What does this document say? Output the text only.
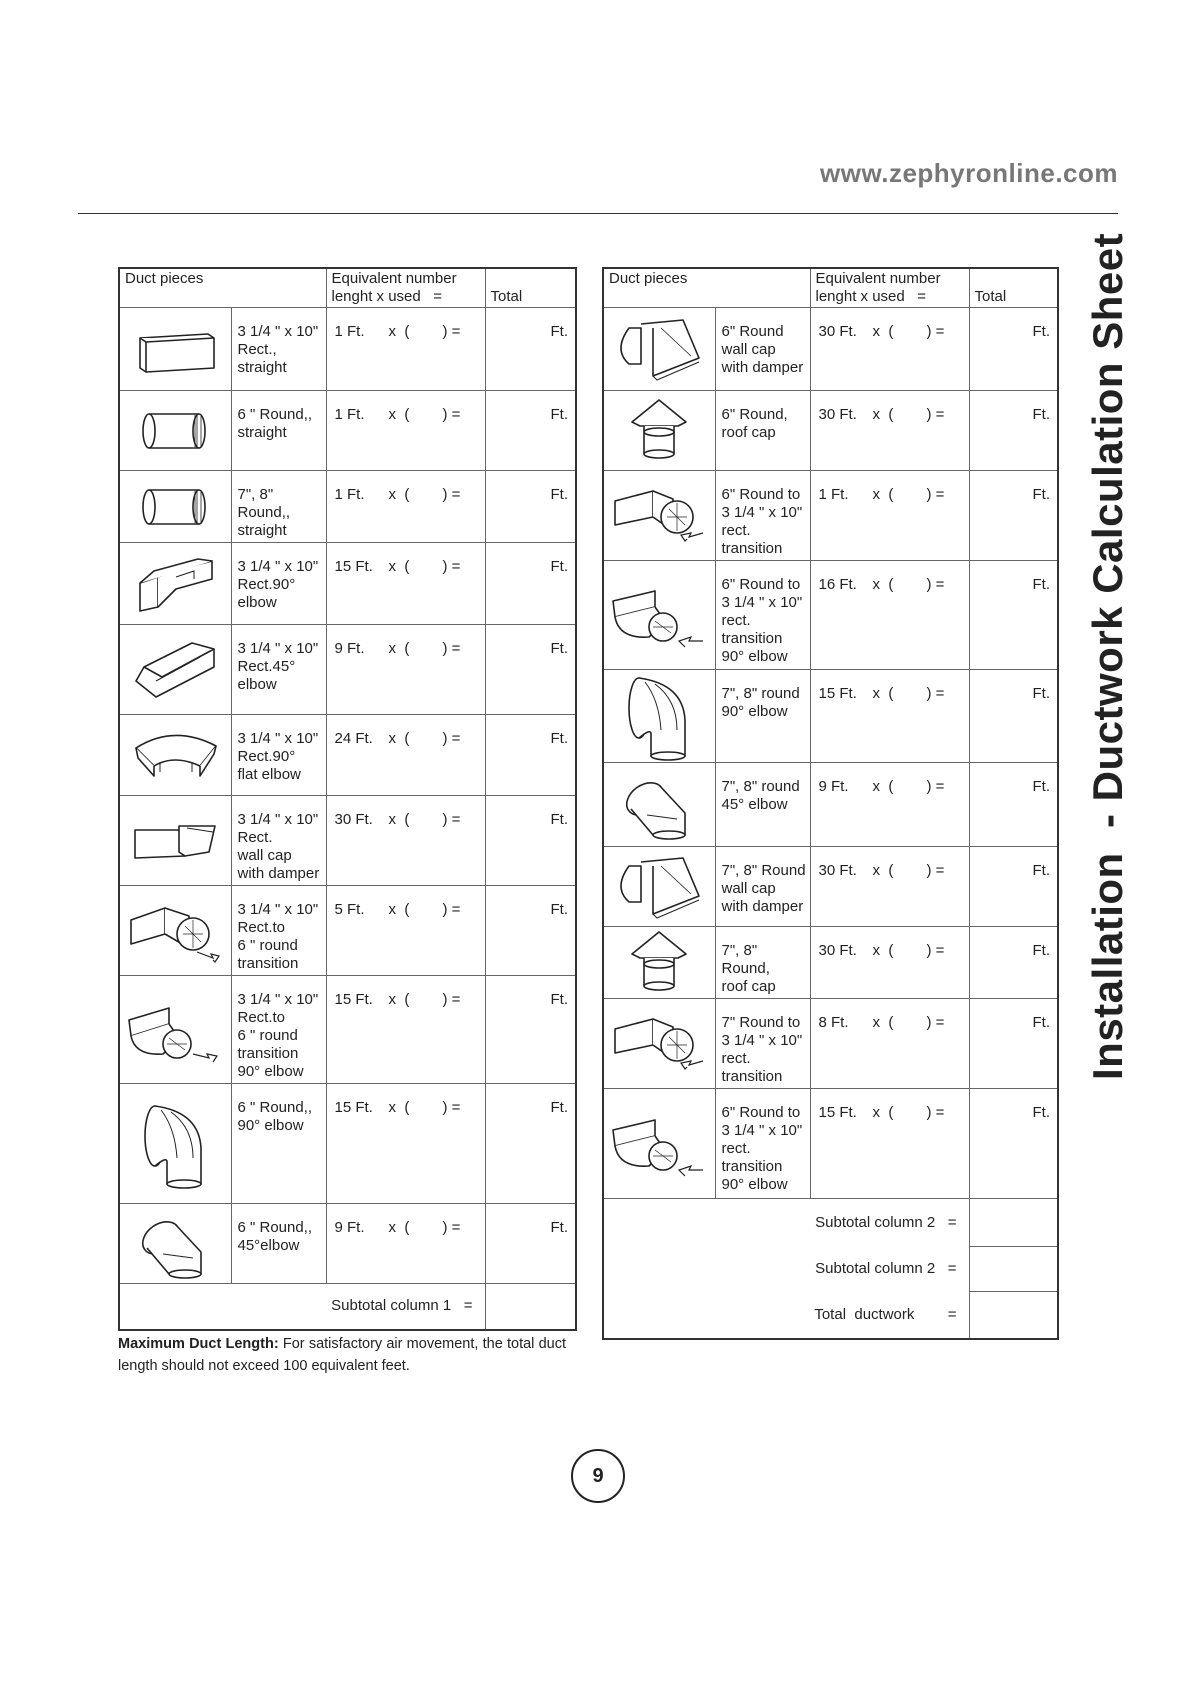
www.zephyronline.com
Installation  - Ductwork Calculation Sheet
Duct pieces		Equivalent number
lenght x used   =	Total

	3 1/4 " x 10"
Rect.,
straight	1 Ft. x  ( ) =	Ft.

	6 " Round,,
straight	1 Ft. x  ( ) =	Ft.

	7", 8"
Round,,
straight	1 Ft. x  ( ) =	Ft.

	3 1/4 " x 10"
Rect.90°
elbow	15 Ft. x  ( ) =	Ft.

	3 1/4 " x 10"
Rect.45°
elbow	9 Ft. x  ( ) =	Ft.

	3 1/4 " x 10"
Rect.90°
flat elbow	24 Ft. x  ( ) =	Ft.

	3 1/4 " x 10"
Rect.
wall cap
with damper	30 Ft. x  ( ) =	Ft.

	3 1/4 " x 10"
Rect.to
6 " round
transition	5 Ft. x  ( ) =	Ft.

	3 1/4 " x 10"
Rect.to
6 " round
transition
90° elbow	15 Ft. x  ( ) =	Ft.

	6 " Round,,
90° elbow	15 Ft. x  ( ) =	Ft.

	6 " Round,,
45°elbow	9 Ft. x  ( ) =	Ft.
Subtotal column 1   =			
Duct pieces		Equivalent number
lenght x used   =	Total

	6" Round
wall cap
with damper	30 Ft. x  ( ) =	Ft.

	6" Round,
roof cap	30 Ft. x  ( ) =	Ft.

	6" Round to
3 1/4 " x 10"
rect.
transition	1 Ft. x  ( ) =	Ft.

	6" Round to
3 1/4 " x 10"
rect.
transition
90° elbow	16 Ft. x  ( ) =	Ft.

	7", 8" round
90° elbow	15 Ft. x  ( ) =	Ft.

	7", 8" round
45° elbow	9 Ft. x  ( ) =	Ft.

	7", 8" Round
wall cap
with damper	30 Ft. x  ( ) =	Ft.

	7", 8"
Round,
roof cap	30 Ft. x  ( ) =	Ft.

	7" Round to
3 1/4 " x 10"
rect.
transition	8 Ft. x  ( ) =	Ft.

	6" Round to
3 1/4 " x 10"
rect.
transition
90° elbow	15 Ft. x  ( ) =	Ft.
Subtotal column 2   =			
Subtotal column 2   =			
Total  ductwork        =			
Maximum Duct Length: For satisfactory air movement, the total duct length should not exceed 100 equivalent feet.
9
